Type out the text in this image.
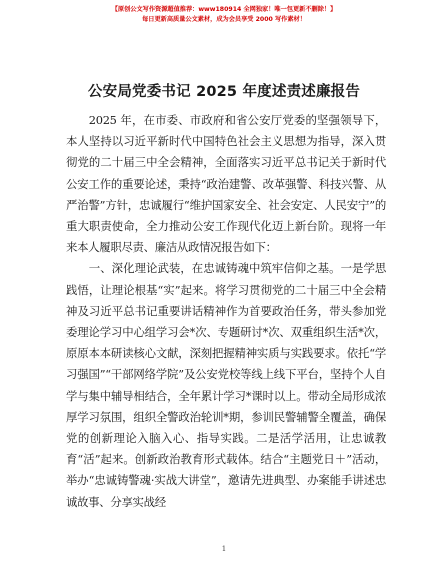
【原创公文写作资源超值推荐：www180914 全网独家！唯一包更新不删除！】
每日更新高质量公文素材，成为会员享受 2000 写作素材！
公安局党委书记 2025 年度述责述廉报告

2025 年，在市委、市政府和省公安厅党委的坚强领导下，本人坚持以习近平新时代中国特色社会主义思想为指导，深入贯彻党的二十届三中全会精神，全面落实习近平总书记关于新时代公安工作的重要论述，秉持“政治建警、改革强警、科技兴警、从严治警”方针，忠诚履行“维护国家安全、社会安定、人民安宁”的重大职责使命，全力推动公安工作现代化迈上新台阶。现将一年来本人履职尽责、廉洁从政情况报告如下：

一、深化理论武装，在忠诚铸魂中筑牢信仰之基。一是学思践悟，让理论根基“实”起来。将学习贯彻党的二十届三中全会精神及习近平总书记重要讲话精神作为首要政治任务，带头参加党委理论学习中心组学习会*次、专题研讨*次、双重组织生活*次，原原本本研读核心文献，深刻把握精神实质与实践要求。依托“学习强国”“干部网络学院”及公安党校等线上线下平台，坚持个人自学与集中辅导相结合，全年累计学习*课时以上。带动全局形成浓厚学习氛围，组织全警政治轮训*期，参训民警辅警全覆盖，确保党的创新理论入脑入心、指导实践。二是活学活用，让忠诚教育“活”起来。创新政治教育形式载体。结合“主题党日＋”活动，举办“忠诚铸警魂·实战大讲堂”，邀请先进典型、办案能手讲述忠诚故事、分享实战经

1
